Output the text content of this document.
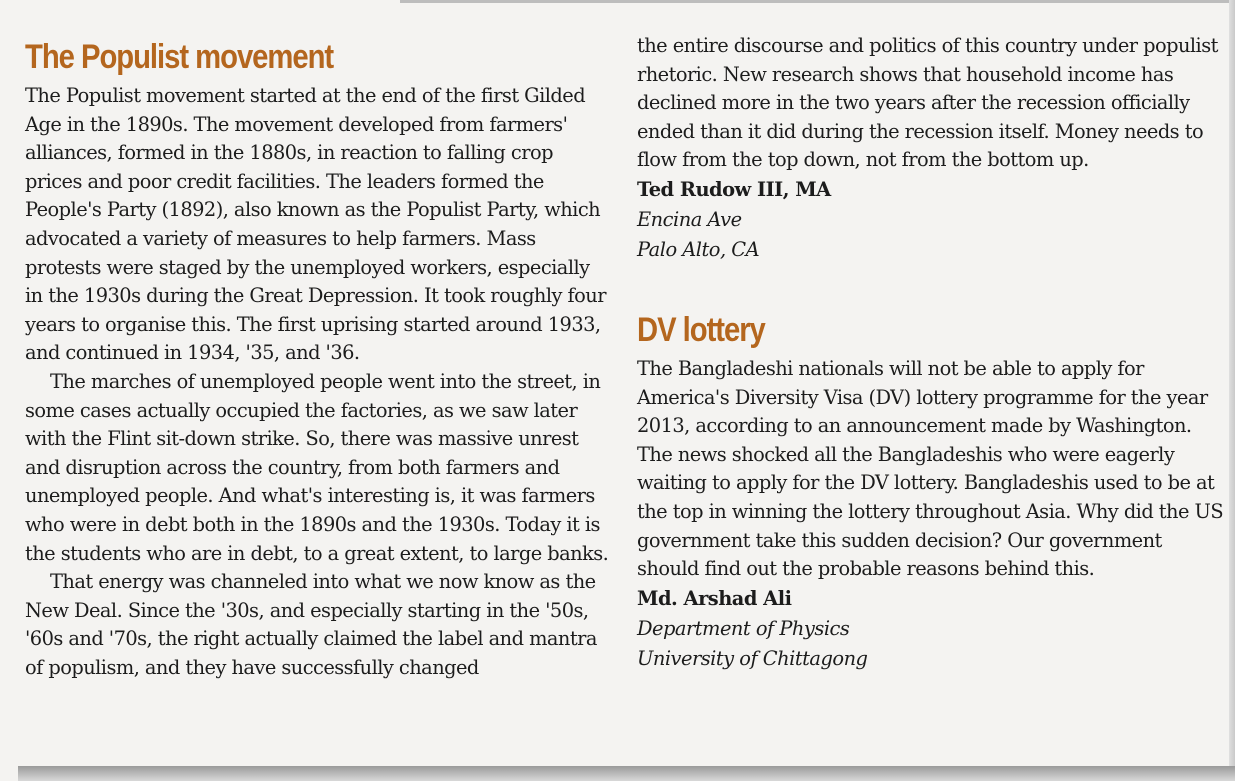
The Populist movement

The Populist movement started at the end of the first Gilded Age in the 1890s. The movement developed from farmers' alliances, formed in the 1880s, in reaction to falling crop prices and poor credit facilities. The leaders formed the People's Party (1892), also known as the Populist Party, which advocated a variety of measures to help farmers. Mass protests were staged by the unemployed workers, especially in the 1930s during the Great Depression. It took roughly four years to organise this. The first uprising started around 1933, and continued in 1934, '35, and '36.

The marches of unemployed people went into the street, in some cases actually occupied the factories, as we saw later with the Flint sit-down strike. So, there was massive unrest and disruption across the country, from both farmers and unemployed people. And what's interesting is, it was farmers who were in debt both in the 1890s and the 1930s. Today it is the students who are in debt, to a great extent, to large banks.

That energy was channeled into what we now know as the New Deal. Since the '30s, and especially starting in the '50s, '60s and '70s, the right actually claimed the label and mantra of populism, and they have successfully changed

the entire discourse and politics of this country under populist rhetoric. New research shows that household income has declined more in the two years after the recession officially ended than it did during the recession itself. Money needs to flow from the top down, not from the bottom up.

Ted Rudow III, MA
Encina Ave
Palo Alto, CA
DV lottery

The Bangladeshi nationals will not be able to apply for America's Diversity Visa (DV) lottery programme for the year 2013, according to an announcement made by Washington. The news shocked all the Bangladeshis who were eagerly waiting to apply for the DV lottery. Bangladeshis used to be at the top in winning the lottery throughout Asia. Why did the US government take this sudden decision? Our government should find out the probable reasons behind this.

Md. Arshad Ali
Department of Physics
University of Chittagong
